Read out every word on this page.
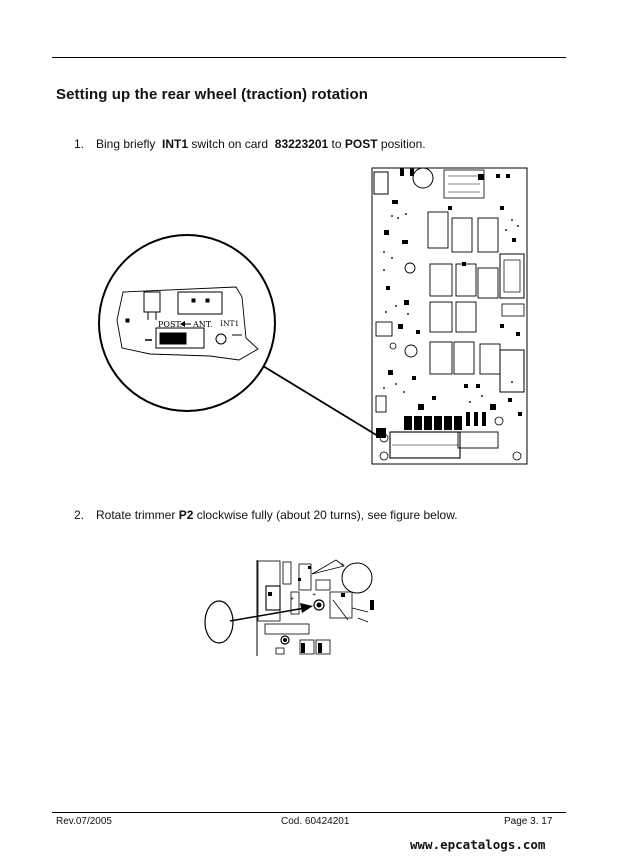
Setting up the rear wheel (traction) rotation
1. Bing briefly INT1 switch on card 83223201 to POST position.
POST. ANT. INT1
2. Rotate trimmer P2 clockwise fully (about 20 turns), see figure below.
+
+
+
Rev.07/2005	Cod. 60424201	Page 3. 17
www.epcatalogs.com
